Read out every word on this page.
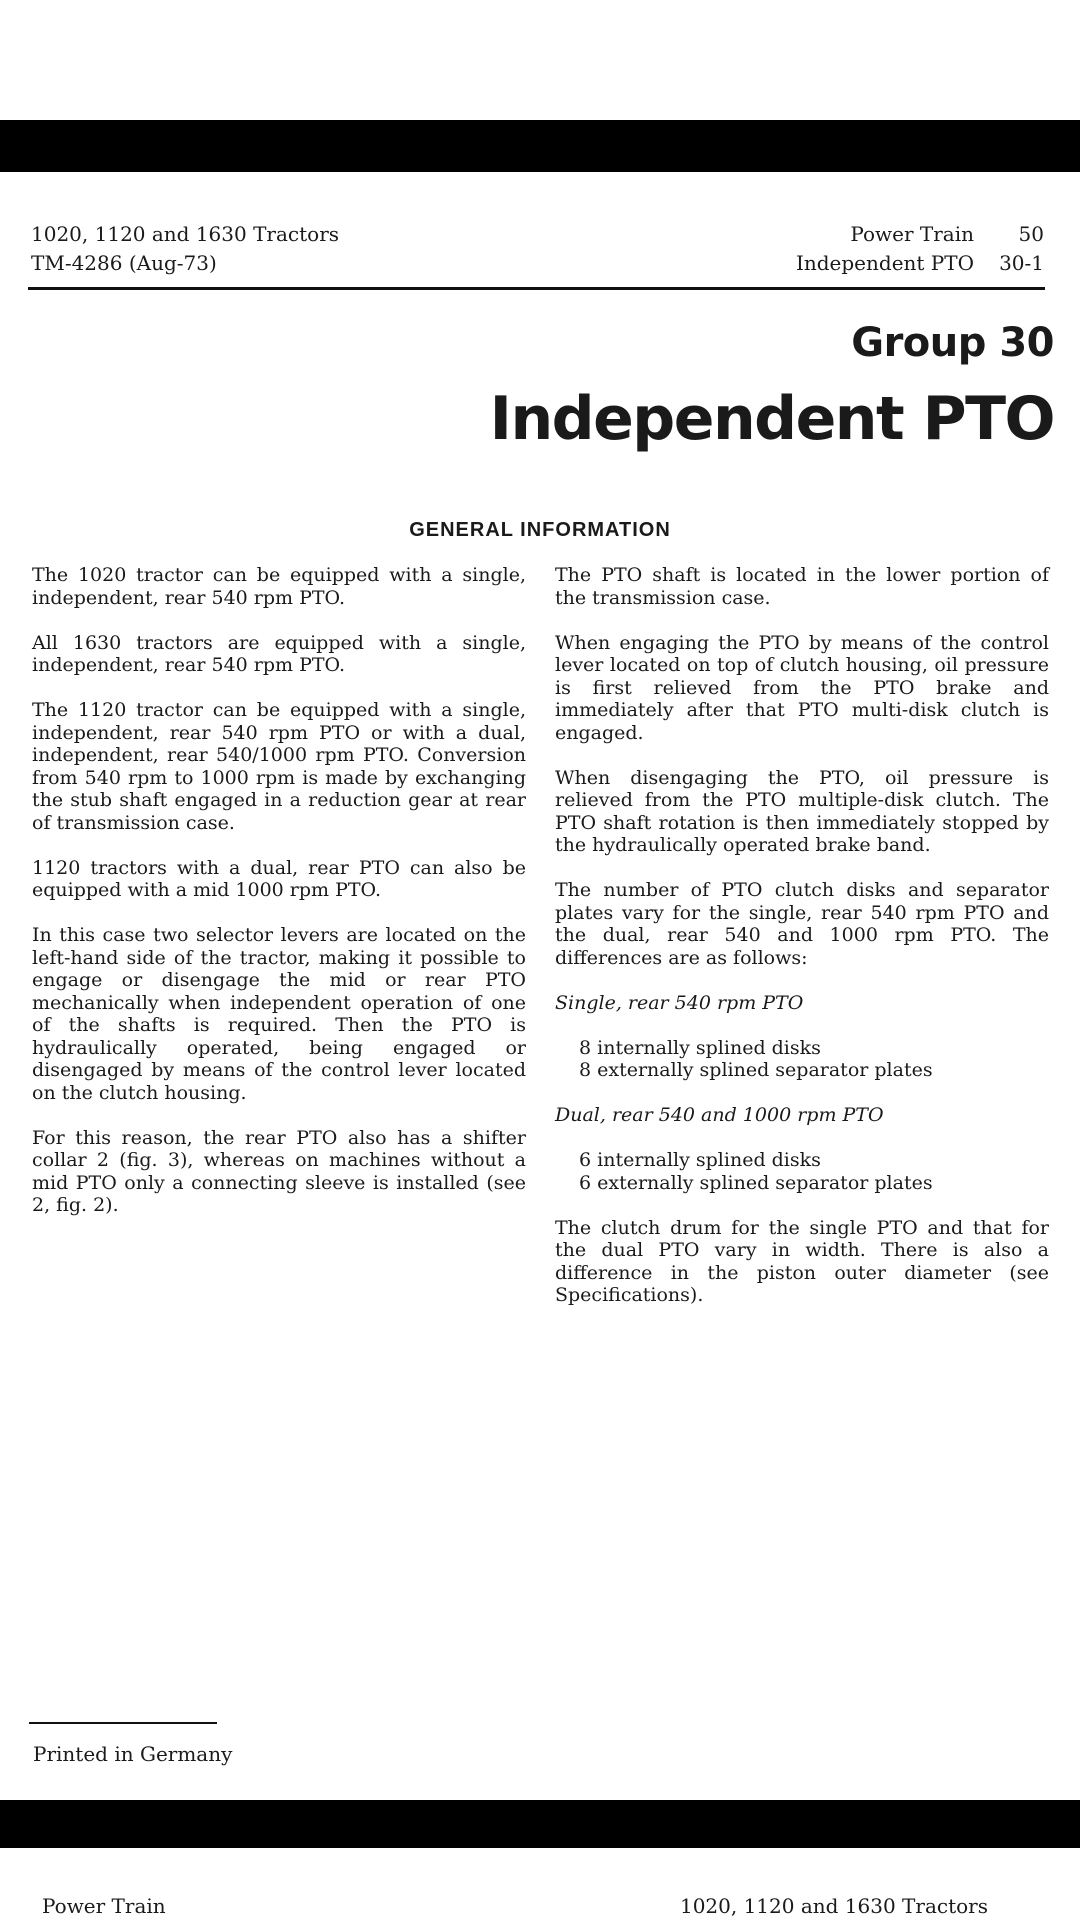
1020, 1120 and 1630 Tractors
TM-4286 (Aug-73)
Power Train	50
Independent PTO	30-1
Group 30
Independent PTO
GENERAL INFORMATION

The 1020 tractor can be equipped with a single, independent, rear 540 rpm PTO.

All 1630 tractors are equipped with a single, independent, rear 540 rpm PTO.

The 1120 tractor can be equipped with a single, independent, rear 540 rpm PTO or with a dual, independent, rear 540/1000 rpm PTO. Conversion from 540 rpm to 1000 rpm is made by exchanging the stub shaft engaged in a reduction gear at rear of transmission case.

1120 tractors with a dual, rear PTO can also be equipped with a mid 1000 rpm PTO.

In this case two selector levers are located on the left-hand side of the tractor, making it possible to engage or disengage the mid or rear PTO mechanically when independent operation of one of the shafts is required. Then the PTO is hydraulically operated, being engaged or disengaged by means of the control lever located on the clutch housing.

For this reason, the rear PTO also has a shifter collar 2 (fig. 3), whereas on machines without a mid PTO only a connecting sleeve is installed (see 2, fig. 2).

The PTO shaft is located in the lower portion of the transmission case.

When engaging the PTO by means of the control lever located on top of clutch housing, oil pressure is first relieved from the PTO brake and immediately after that PTO multi-disk clutch is engaged.

When disengaging the PTO, oil pressure is relieved from the PTO multiple-disk clutch. The PTO shaft rotation is then immediately stopped by the hydraulically operated brake band.

The number of PTO clutch disks and separator plates vary for the single, rear 540 rpm PTO and the dual, rear 540 and 1000 rpm PTO. The differences are as follows:

Single, rear 540 rpm PTO

8 internally splined disks
8 externally splined separator plates

Dual, rear 540 and 1000 rpm PTO

6 internally splined disks
6 externally splined separator plates

The clutch drum for the single PTO and that for the dual PTO vary in width. There is also a difference in the piston outer diameter (see Specifications).

Printed in Germany
Power Train	1020, 1120 and 1630 Tractors
